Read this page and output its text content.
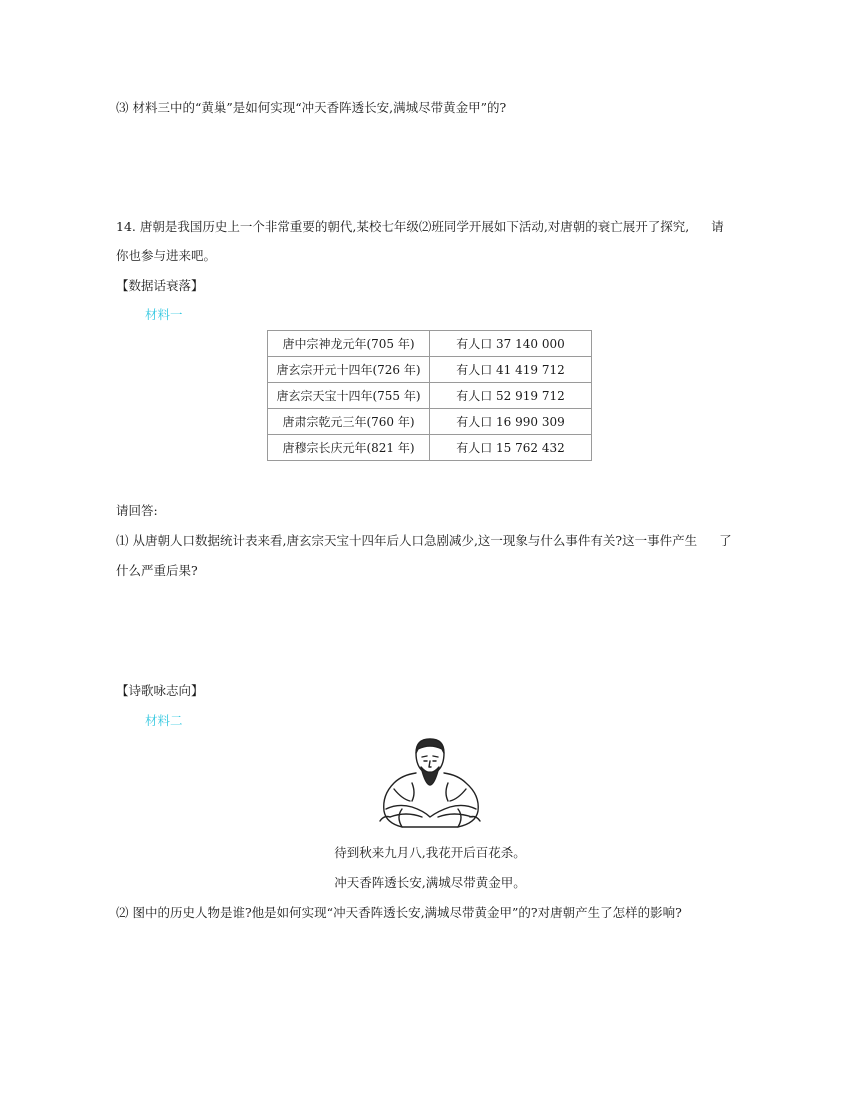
⑶ 材料三中的“黄巢”是如何实现“冲天香阵透长安,满城尽带黄金甲”的?
14. 唐朝是我国历史上一个非常重要的朝代,某校七年级⑵班同学开展如下活动,对唐朝的衰亡展开了探究, 请
你也参与进来吧。
【数据话衰落】
材料一
唐中宗神龙元年(705 年)	有人口 37 140 000
唐玄宗开元十四年(726 年)	有人口 41 419 712
唐玄宗天宝十四年(755 年)	有人口 52 919 712
唐肃宗乾元三年(760 年)	有人口 16 990 309
唐穆宗长庆元年(821 年)	有人口 15 762 432
请回答:
⑴ 从唐朝人口数据统计表来看,唐玄宗天宝十四年后人口急剧减少,这一现象与什么事件有关?这一事件产生 了
什么严重后果?
【诗歌咏志向】
材料二
待到秋来九月八,我花开后百花杀。
冲天香阵透长安,满城尽带黄金甲。
⑵ 图中的历史人物是谁?他是如何实现“冲天香阵透长安,满城尽带黄金甲”的?对唐朝产生了怎样的影响?
